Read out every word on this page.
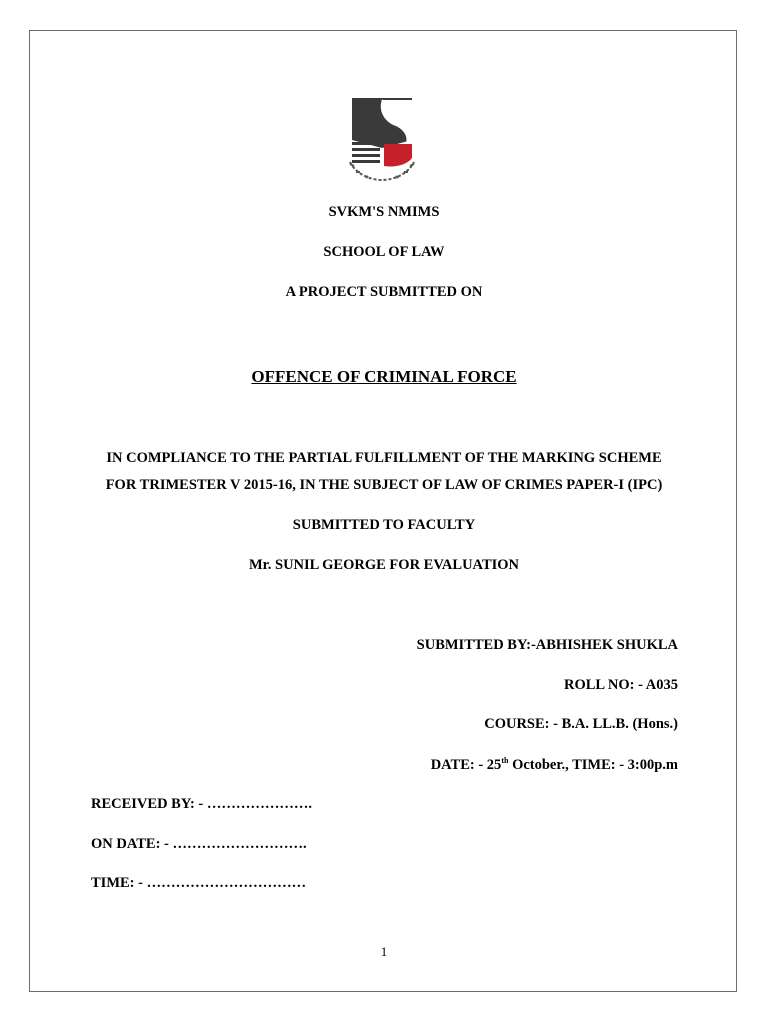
SVKM'S NMIMS
SCHOOL OF LAW
A PROJECT SUBMITTED ON
OFFENCE OF CRIMINAL FORCE
IN COMPLIANCE TO THE PARTIAL FULFILLMENT OF THE MARKING SCHEME
FOR TRIMESTER V 2015-16, IN THE SUBJECT OF LAW OF CRIMES PAPER-I (IPC)
SUBMITTED TO FACULTY
Mr. SUNIL GEORGE FOR EVALUATION
SUBMITTED BY:-ABHISHEK SHUKLA
ROLL NO: - A035
COURSE: - B.A. LL.B. (Hons.)
DATE: - 25th October., TIME: - 3:00p.m
RECEIVED BY: - ………………….
ON DATE: - ……………………….
TIME: - ……………………………
1
